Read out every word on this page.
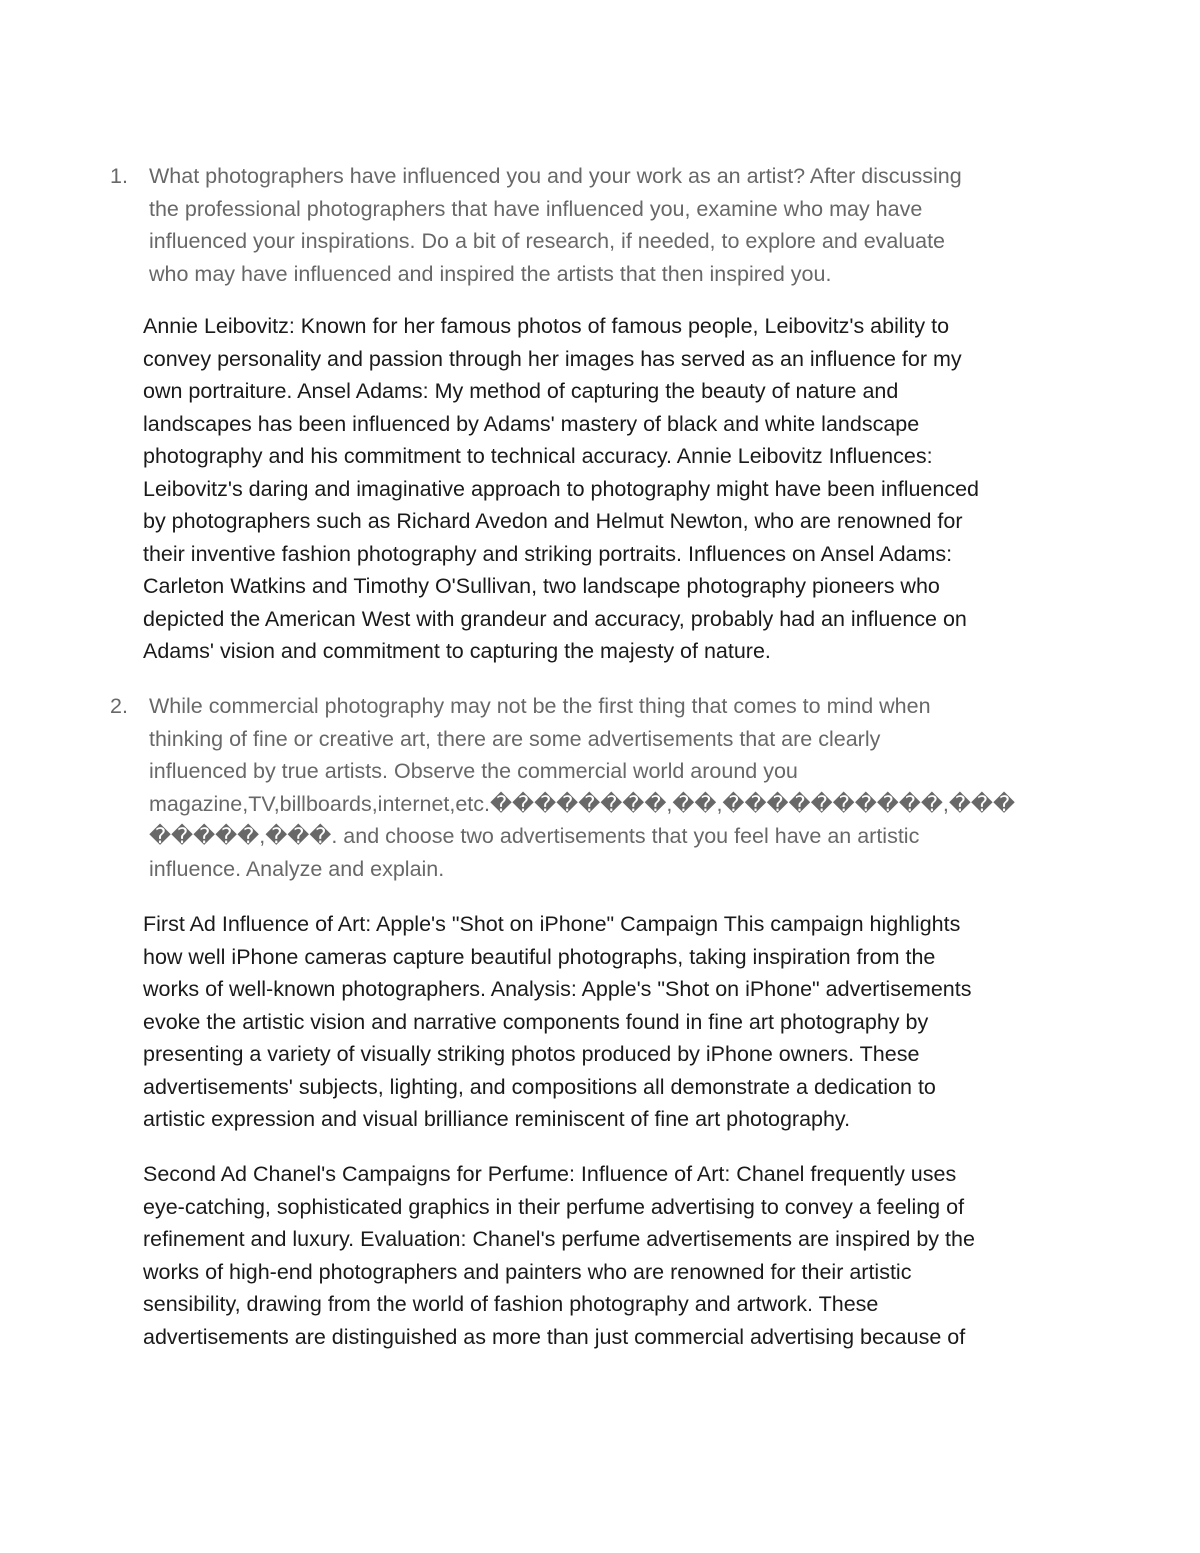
1. What photographers have influenced you and your work as an artist? After discussing
the professional photographers that have influenced you, examine who may have
influenced your inspirations. Do a bit of research, if needed, to explore and evaluate
who may have influenced and inspired the artists that then inspired you.
Annie Leibovitz: Known for her famous photos of famous people, Leibovitz's ability to
convey personality and passion through her images has served as an influence for my
own portraiture. Ansel Adams: My method of capturing the beauty of nature and
landscapes has been influenced by Adams' mastery of black and white landscape
photography and his commitment to technical accuracy. Annie Leibovitz Influences:
Leibovitz's daring and imaginative approach to photography might have been influenced
by photographers such as Richard Avedon and Helmut Newton, who are renowned for
their inventive fashion photography and striking portraits. Influences on Ansel Adams:
Carleton Watkins and Timothy O'Sullivan, two landscape photography pioneers who
depicted the American West with grandeur and accuracy, probably had an influence on
Adams' vision and commitment to capturing the majesty of nature.
2. While commercial photography may not be the first thing that comes to mind when
thinking of fine or creative art, there are some advertisements that are clearly
influenced by true artists. Observe the commercial world around you
magazine,TV,billboards,internet,etc.��������,��,����������,���
�����,���. and choose two advertisements that you feel have an artistic
influence. Analyze and explain.
First Ad Influence of Art: Apple's "Shot on iPhone" Campaign This campaign highlights
how well iPhone cameras capture beautiful photographs, taking inspiration from the
works of well-known photographers. Analysis: Apple's "Shot on iPhone" advertisements
evoke the artistic vision and narrative components found in fine art photography by
presenting a variety of visually striking photos produced by iPhone owners. These
advertisements' subjects, lighting, and compositions all demonstrate a dedication to
artistic expression and visual brilliance reminiscent of fine art photography.
Second Ad Chanel's Campaigns for Perfume: Influence of Art: Chanel frequently uses
eye-catching, sophisticated graphics in their perfume advertising to convey a feeling of
refinement and luxury. Evaluation: Chanel's perfume advertisements are inspired by the
works of high-end photographers and painters who are renowned for their artistic
sensibility, drawing from the world of fashion photography and artwork. These
advertisements are distinguished as more than just commercial advertising because of
